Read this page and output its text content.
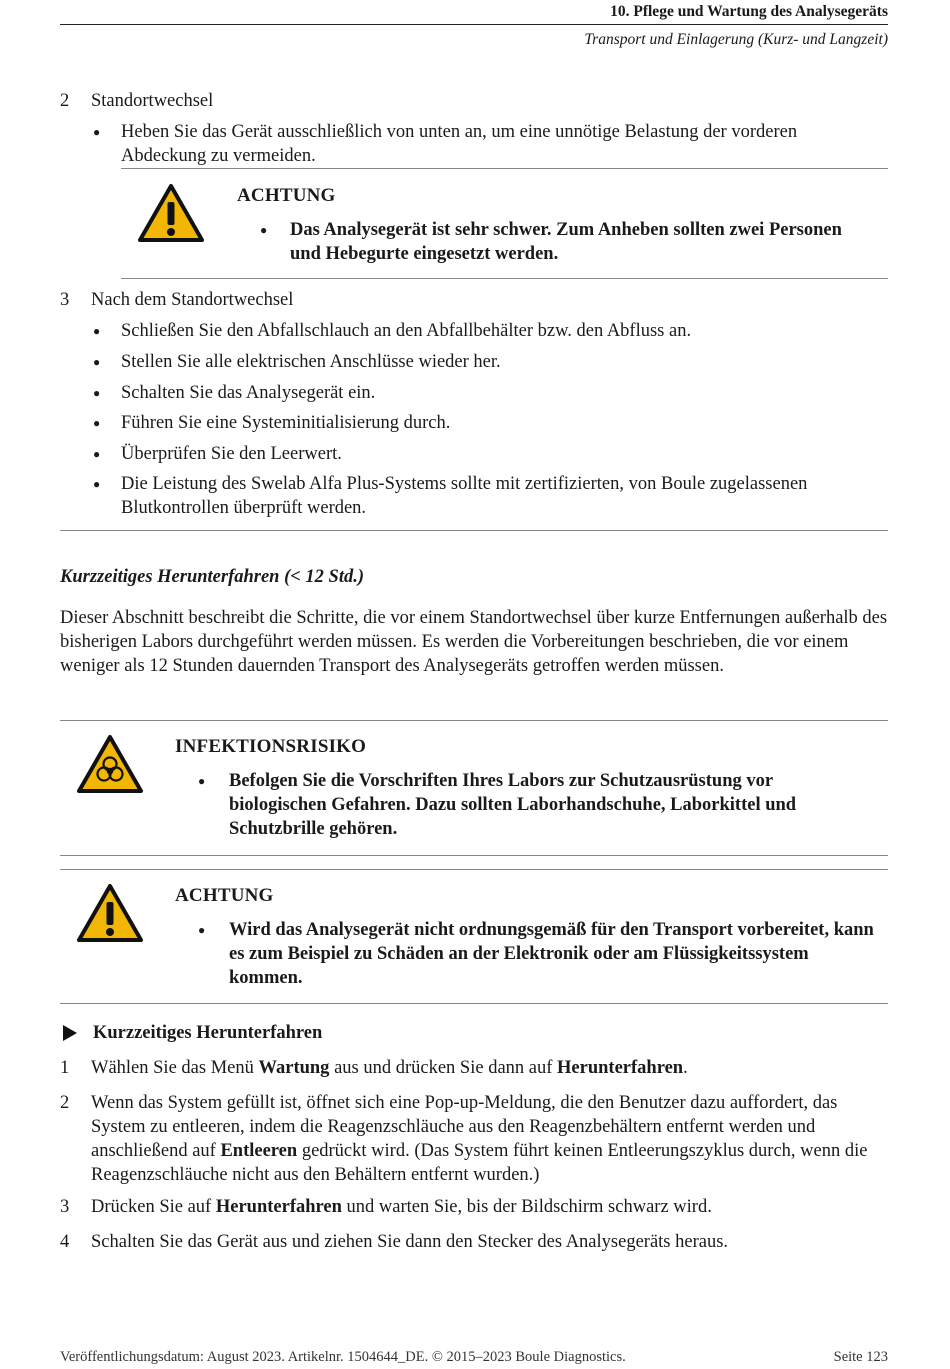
10. Pflege und Wartung des Analysegeräts
Transport und Einlagerung (Kurz- und Langzeit)
2 Standortwechsel
● Heben Sie das Gerät ausschließlich von unten an, um eine unnötige Belastung der vorderen Abdeckung zu vermeiden.
ACHTUNG
● Das Analysegerät ist sehr schwer. Zum Anheben sollten zwei Personen und Hebegurte eingesetzt werden.
3 Nach dem Standortwechsel
● Schließen Sie den Abfallschlauch an den Abfallbehälter bzw. den Abfluss an.
● Stellen Sie alle elektrischen Anschlüsse wieder her.
● Schalten Sie das Analysegerät ein.
● Führen Sie eine Systeminitialisierung durch.
● Überprüfen Sie den Leerwert.
● Die Leistung des Swelab Alfa Plus-Systems sollte mit zertifizierten, von Boule zugelassenen Blutkontrollen überprüft werden.
Kurzzeitiges Herunterfahren (< 12 Std.)
Dieser Abschnitt beschreibt die Schritte, die vor einem Standortwechsel über kurze Entfernungen außerhalb des bisherigen Labors durchgeführt werden müssen. Es werden die Vorbereitungen beschrieben, die vor einem weniger als 12 Stunden dauernden Transport des Analysegeräts getroffen werden müssen.
INFEKTIONSRISIKO
● Befolgen Sie die Vorschriften Ihres Labors zur Schutzausrüstung vor biologischen Gefahren. Dazu sollten Laborhandschuhe, Laborkittel und Schutzbrille gehören.
ACHTUNG
● Wird das Analysegerät nicht ordnungsgemäß für den Transport vorbereitet, kann es zum Beispiel zu Schäden an der Elektronik oder am Flüssigkeitssystem kommen.
Kurzzeitiges Herunterfahren
1 Wählen Sie das Menü Wartung aus und drücken Sie dann auf Herunterfahren.
2 Wenn das System gefüllt ist, öffnet sich eine Pop-up-Meldung, die den Benutzer dazu auffordert, das System zu entleeren, indem die Reagenzschläuche aus den Reagenzbehältern entfernt werden und anschließend auf Entleeren gedrückt wird. (Das System führt keinen Entleerungszyklus durch, wenn die Reagenzschläuche nicht aus den Behältern entfernt wurden.)
3 Drücken Sie auf Herunterfahren und warten Sie, bis der Bildschirm schwarz wird.
4 Schalten Sie das Gerät aus und ziehen Sie dann den Stecker des Analysegeräts heraus.
Veröffentlichungsdatum: August 2023. Artikelnr. 1504644_DE. © 2015–2023 Boule Diagnostics.	Seite 123
